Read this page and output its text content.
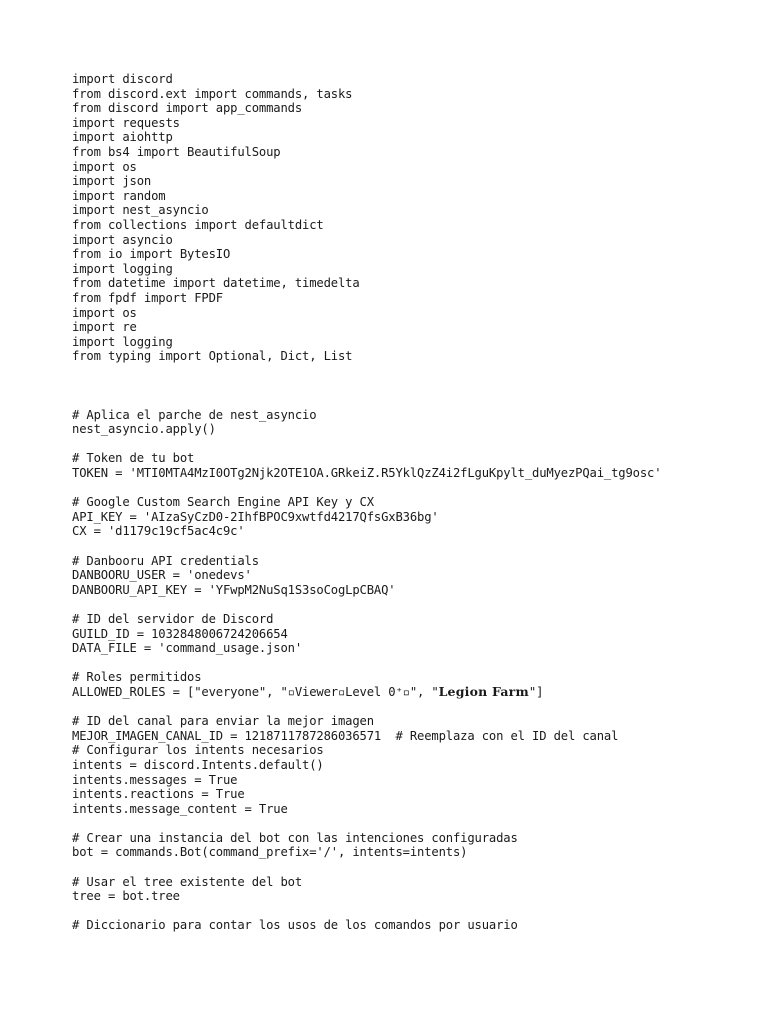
import discord
from discord.ext import commands, tasks
from discord import app_commands
import requests
import aiohttp
from bs4 import BeautifulSoup
import os
import json
import random
import nest_asyncio
from collections import defaultdict
import asyncio
from io import BytesIO
import logging
from datetime import datetime, timedelta
from fpdf import FPDF
import os
import re
import logging
from typing import Optional, Dict, List
# Aplica el parche de nest_asyncio
nest_asyncio.apply()
# Token de tu bot
TOKEN = 'MTI0MTA4MzI0OTg2Njk2OTE1OA.GRkeiZ.R5YklQzZ4i2fLguKpylt_duMyezPQai_tg9osc'
# Google Custom Search Engine API Key y CX
API_KEY = 'AIzaSyCzD0-2IhfBPOC9xwtfd4217QfsGxB36bg'
CX = 'd1179c19cf5ac4c9c'
# Danbooru API credentials
DANBOORU_USER = 'onedevs'
DANBOORU_API_KEY = 'YFwpM2NuSq1S3soCogLpCBAQ'
# ID del servidor de Discord
GUILD_ID = 1032848006724206654
DATA_FILE = 'command_usage.json'
# Roles permitidos
ALLOWED_ROLES = ["everyone", "▫Viewer▫Level 0⁺▫", "Legion Farm"]
# ID del canal para enviar la mejor imagen
MEJOR_IMAGEN_CANAL_ID = 1218711787286036571  # Reemplaza con el ID del canal
# Configurar los intents necesarios
intents = discord.Intents.default()
intents.messages = True
intents.reactions = True
intents.message_content = True
# Crear una instancia del bot con las intenciones configuradas
bot = commands.Bot(command_prefix='/', intents=intents)
# Usar el tree existente del bot
tree = bot.tree
# Diccionario para contar los usos de los comandos por usuario
